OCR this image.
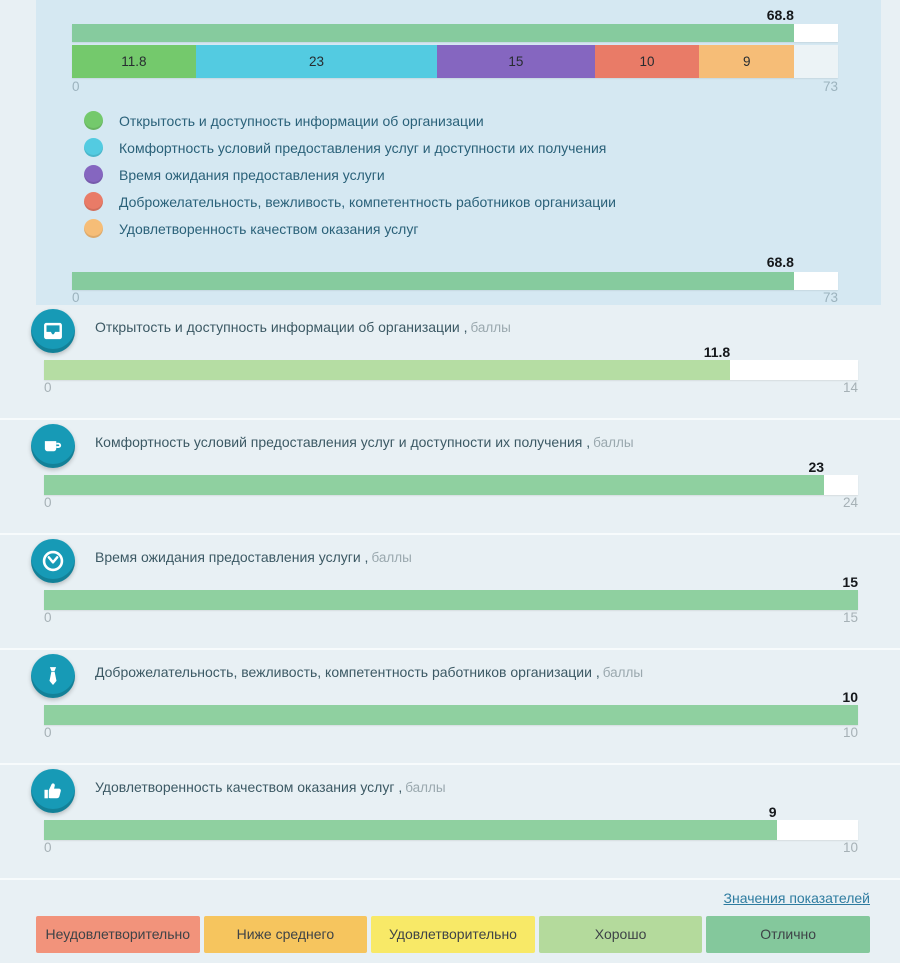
68.8
11.8	23	15	10	9
0	73
Открытость и доступность информации об организации
Комфортность условий предоставления услуг и доступности их получения
Время ожидания предоставления услуги
Доброжелательность, вежливость, компетентность работников организации
Удовлетворенность качеством оказания услуг
68.8
0	73
Открытость и доступность информации об организации , баллы
11.8
0	14
Комфортность условий предоставления услуг и доступности их получения , баллы
23
0	24
Время ожидания предоставления услуги , баллы
15
0	15
Доброжелательность, вежливость, компетентность работников организации , баллы
10
0	10
Удовлетворенность качеством оказания услуг , баллы
9
0	10
Значения показателей
Неудовлетворительно	Ниже среднего	Удовлетворительно	Хорошо	Отлично
